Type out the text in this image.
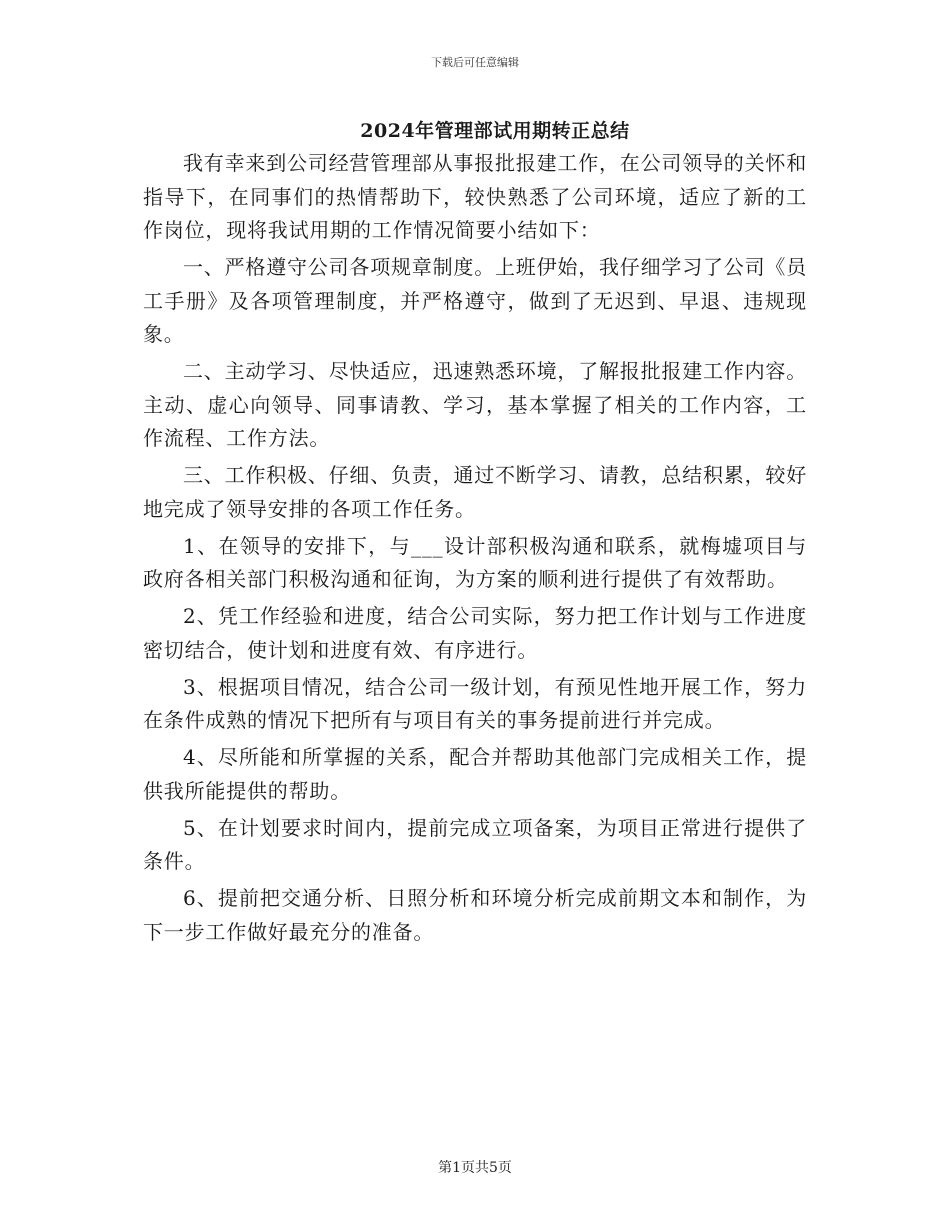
下载后可任意编辑
2024年管理部试用期转正总结

我有幸来到公司经营管理部从事报批报建工作，在公司领导的关怀和指导下，在同事们的热情帮助下，较快熟悉了公司环境，适应了新的工作岗位，现将我试用期的工作情况简要小结如下：

一、严格遵守公司各项规章制度。上班伊始，我仔细学习了公司《员工手册》及各项管理制度，并严格遵守，做到了无迟到、早退、违规现象。

二、主动学习、尽快适应，迅速熟悉环境，了解报批报建工作内容。主动、虚心向领导、同事请教、学习，基本掌握了相关的工作内容，工作流程、工作方法。

三、工作积极、仔细、负责，通过不断学习、请教，总结积累，较好地完成了领导安排的各项工作任务。

1、在领导的安排下，与___设计部积极沟通和联系，就梅墟项目与政府各相关部门积极沟通和征询，为方案的顺利进行提供了有效帮助。

2、凭工作经验和进度，结合公司实际，努力把工作计划与工作进度密切结合，使计划和进度有效、有序进行。

3、根据项目情况，结合公司一级计划，有预见性地开展工作，努力在条件成熟的情况下把所有与项目有关的事务提前进行并完成。

4、尽所能和所掌握的关系，配合并帮助其他部门完成相关工作，提供我所能提供的帮助。

5、在计划要求时间内，提前完成立项备案，为项目正常进行提供了条件。

6、提前把交通分析、日照分析和环境分析完成前期文本和制作，为下一步工作做好最充分的准备。

第1页共5页
